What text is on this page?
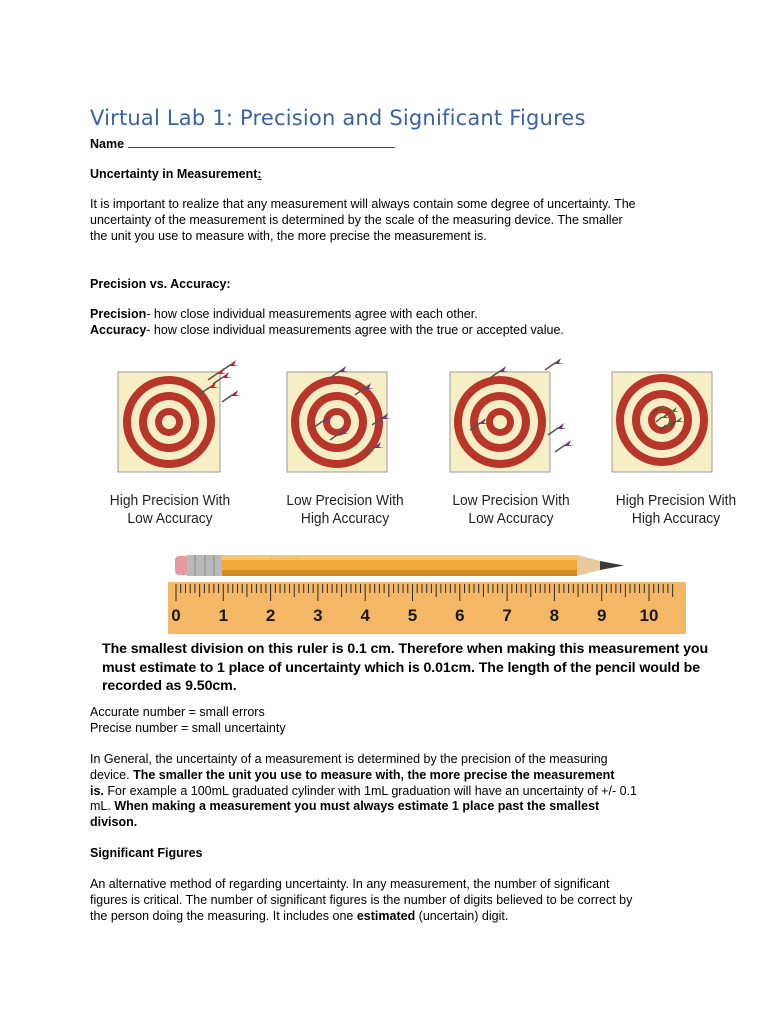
Virtual Lab 1: Precision and Significant Figures
Name
Uncertainty in Measurement:
It is important to realize that any measurement will always contain some degree of uncertainty. The
uncertainty of the measurement is determined by the scale of the measuring device. The smaller
the unit you use to measure with, the more precise the measurement is.
Precision vs. Accuracy:
Precision- how close individual measurements agree with each other.
Accuracy- how close individual measurements agree with the true or accepted value.
High Precision With
Low Accuracy
Low Precision With
High Accuracy
Low Precision With
Low Accuracy
High Precision With
High Accuracy
· · · · · · · · ·
0 1 2 3 4 5 6 7 8 9 10
The smallest division on this ruler is 0.1 cm. Therefore when making this measurement you
must estimate to 1 place of uncertainty which is 0.01cm. The length of the pencil would be
recorded as 9.50cm.
Accurate number = small errors
Precise number = small uncertainty
In General, the uncertainty of a measurement is determined by the precision of the measuring
device. The smaller the unit you use to measure with, the more precise the measurement
is. For example a 100mL graduated cylinder with 1mL graduation will have an uncertainty of +/- 0.1
mL. When making a measurement you must always estimate 1 place past the smallest
divison.
Significant Figures
An alternative method of regarding uncertainty. In any measurement, the number of significant
figures is critical. The number of significant figures is the number of digits believed to be correct by
the person doing the measuring. It includes one estimated (uncertain) digit.
